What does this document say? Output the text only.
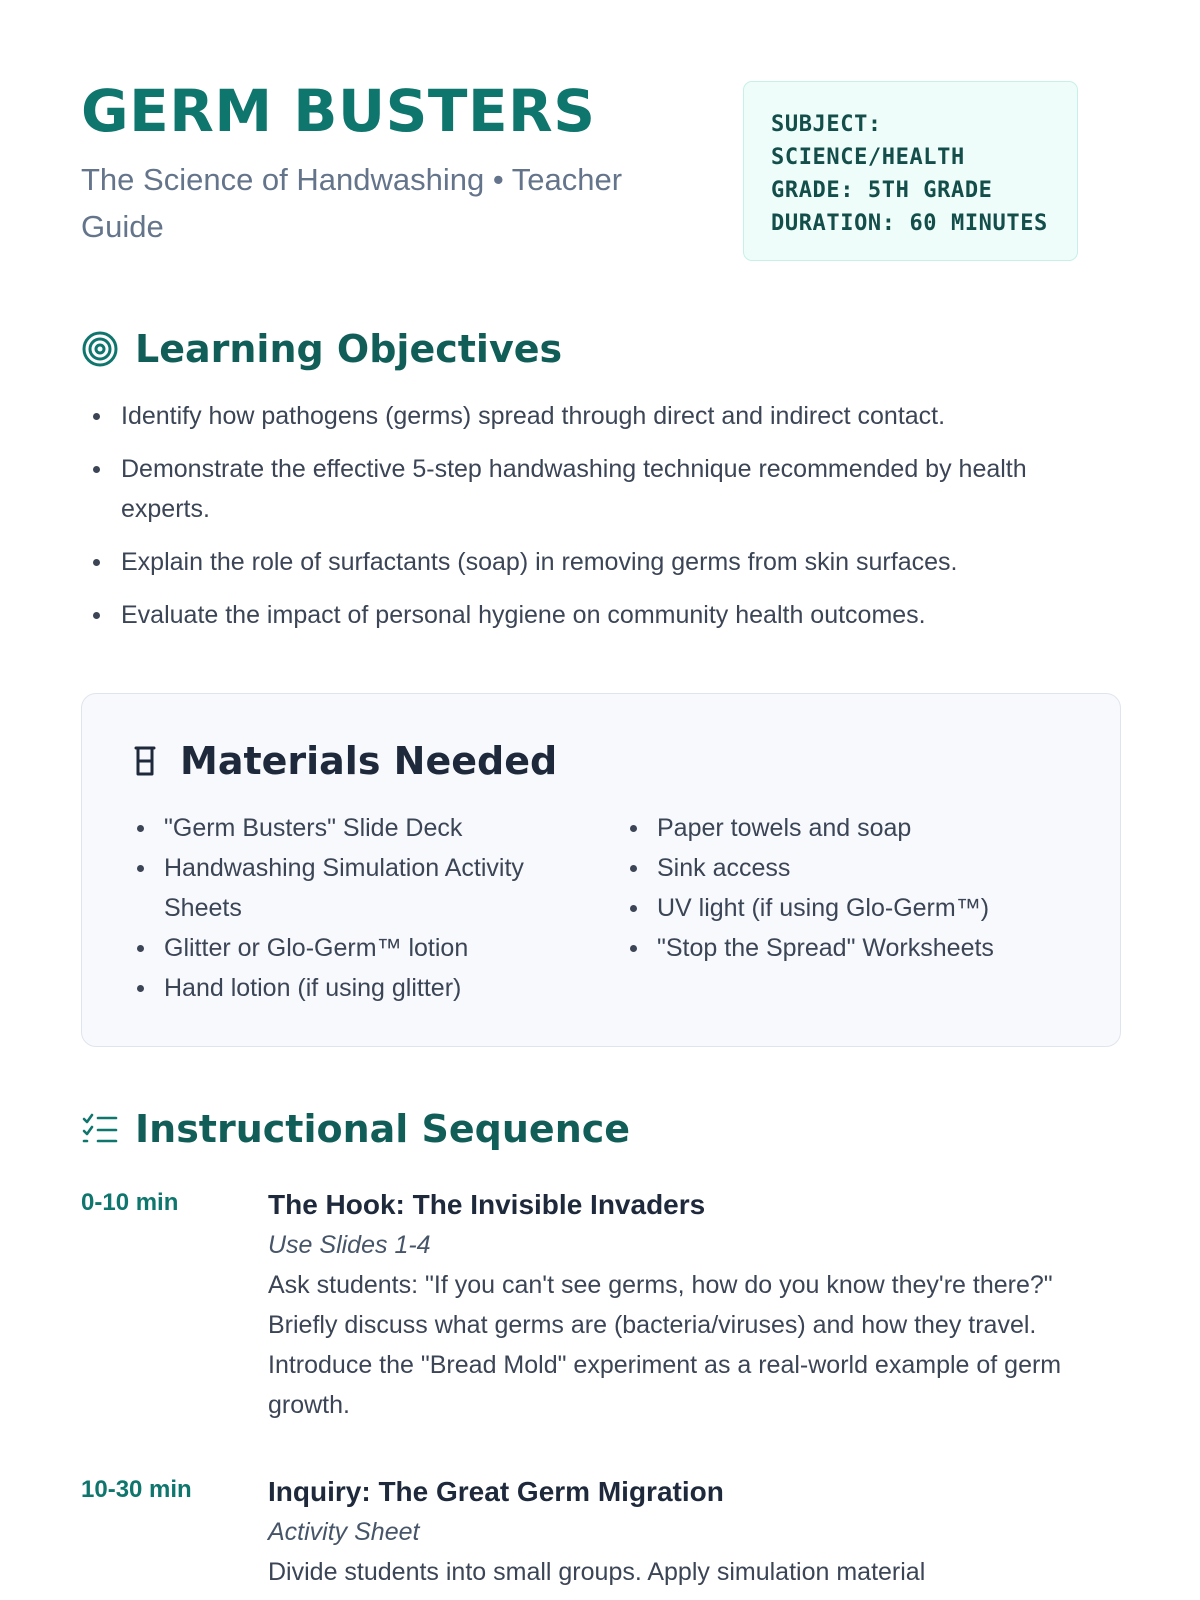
GERM BUSTERS
The Science of Handwashing • Teacher Guide
SUBJECT: SCIENCE/HEALTH
GRADE: 5TH GRADE
DURATION: 60 MINUTES
Learning Objectives
Identify how pathogens (germs) spread through direct and indirect contact.
Demonstrate the effective 5-step handwashing technique recommended by health experts.
Explain the role of surfactants (soap) in removing germs from skin surfaces.
Evaluate the impact of personal hygiene on community health outcomes.
Materials Needed
"Germ Busters" Slide Deck
Handwashing Simulation Activity Sheets
Glitter or Glo-Germ™ lotion
Hand lotion (if using glitter)
Paper towels and soap
Sink access
UV light (if using Glo-Germ™)
"Stop the Spread" Worksheets
Instructional Sequence
0-10 min	The Hook: The Invisible Invaders
Use Slides 1-4
Ask students: "If you can't see germs, how do you know they're there?" Briefly discuss what germs are (bacteria/viruses) and how they travel. Introduce the "Bread Mold" experiment as a real-world example of germ growth.
10-30 min	Inquiry: The Great Germ Migration
Activity Sheet
Divide students into small groups. Apply simulation material
